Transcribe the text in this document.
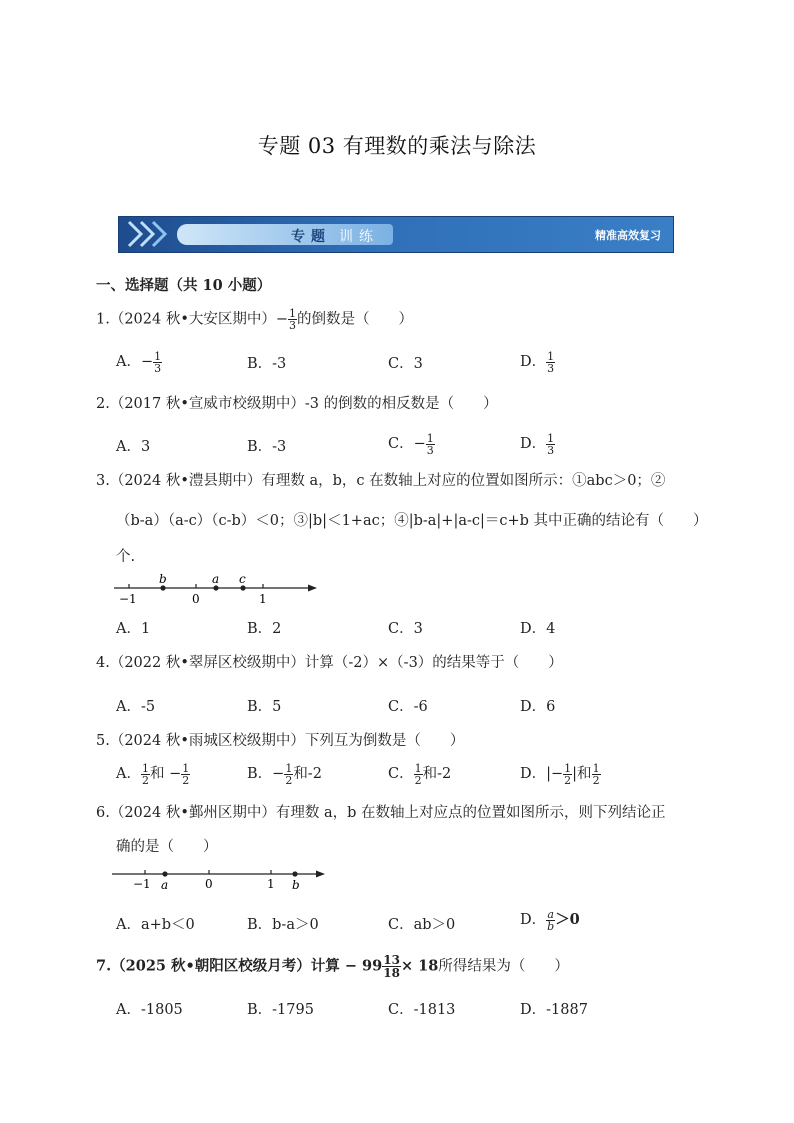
专题 03 有理数的乘法与除法
专题 训练	精准高效复习
一、选择题（共 10 小题）
1.（2024 秋•大安区期中）− $\frac{1}{3}$ 的倒数是（　　）
A．− $\frac{1}{3}$	B．-3	C．3	D． $\frac{1}{3}$
2.（2017 秋•宣威市校级期中）-3 的倒数的相反数是（　　）
A．3	B．-3	C．− $\frac{1}{3}$	D． $\frac{1}{3}$
3.（2024 秋•澧县期中）有理数 a，b，c 在数轴上对应的位置如图所示：①abc＞0；②
（b-a）（a-c）（c-b）＜0；③|b|＜1+ac；④|b-a|+|a-c|＝c+b 其中正确的结论有（　　）
个.
−1	0	1
b	a c
A．1	B．2	C．3	D．4
4.（2022 秋•翠屏区校级期中）计算（-2）×（-3）的结果等于（　　）
A．-5	B．5	C．-6	D．6
5.（2024 秋•雨城区校级期中）下列互为倒数是（　　）
A． $\frac{1}{2}$ 和 − $\frac{1}{2}$	B．− $\frac{1}{2}$ 和-2	C． $\frac{1}{2}$ 和-2	D．|− $\frac{1}{2}$ |和 $\frac{1}{2}$
6.（2024 秋•鄞州区期中）有理数 a，b 在数轴上对应点的位置如图所示，则下列结论正
确的是（　　）
−1	0	1
a	b
A．a+b＜0	B．b-a＞0	C．ab＞0	D． $\frac{a}{b} >0$
7.（2025 秋•朝阳区校级月考）计算 − $99 \frac{13}{18} \times 18$所得结果为（　　）
A．-1805	B．-1795	C．-1813	D．-1887
